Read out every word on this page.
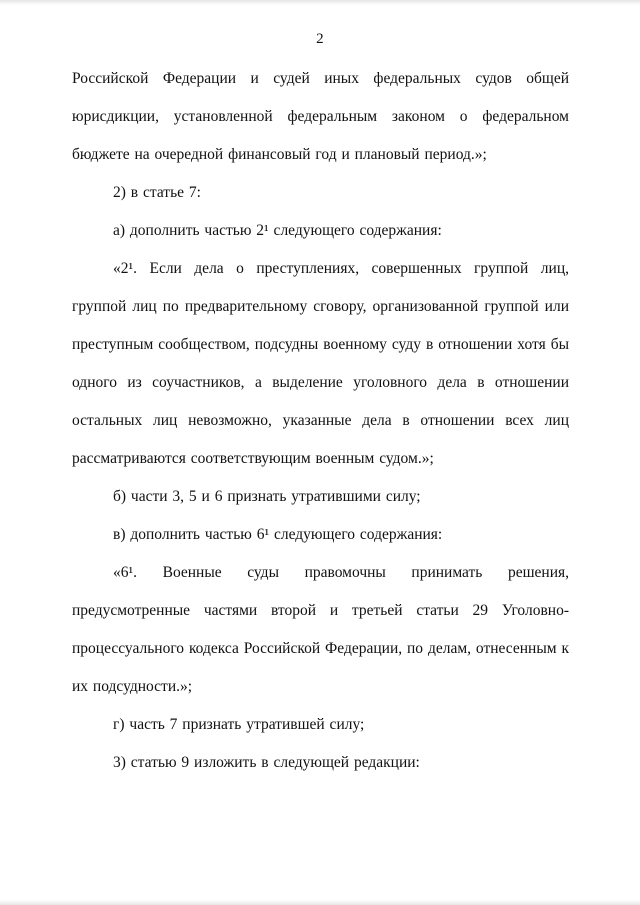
2

Российской Федерации и судей иных федеральных судов общей юрисдикции, установленной федеральным законом о федеральном бюджете на очередной финансовый год и плановый период.»;

2) в статье 7:

а) дополнить частью 2¹ следующего содержания:

«2¹. Если дела о преступлениях, совершенных группой лиц, группой лиц по предварительному сговору, организованной группой или преступным сообществом, подсудны военному суду в отношении хотя бы одного из соучастников, а выделение уголовного дела в отношении остальных лиц невозможно, указанные дела в отношении всех лиц рассматриваются соответствующим военным судом.»;

б) части 3, 5 и 6 признать утратившими силу;

в) дополнить частью 6¹ следующего содержания:

«6¹. Военные суды правомочны принимать решения, предусмотренные частями второй и третьей статьи 29 Уголовно-процессуального кодекса Российской Федерации, по делам, отнесенным к их подсудности.»;

г) часть 7 признать утратившей силу;

3) статью 9 изложить в следующей редакции:
